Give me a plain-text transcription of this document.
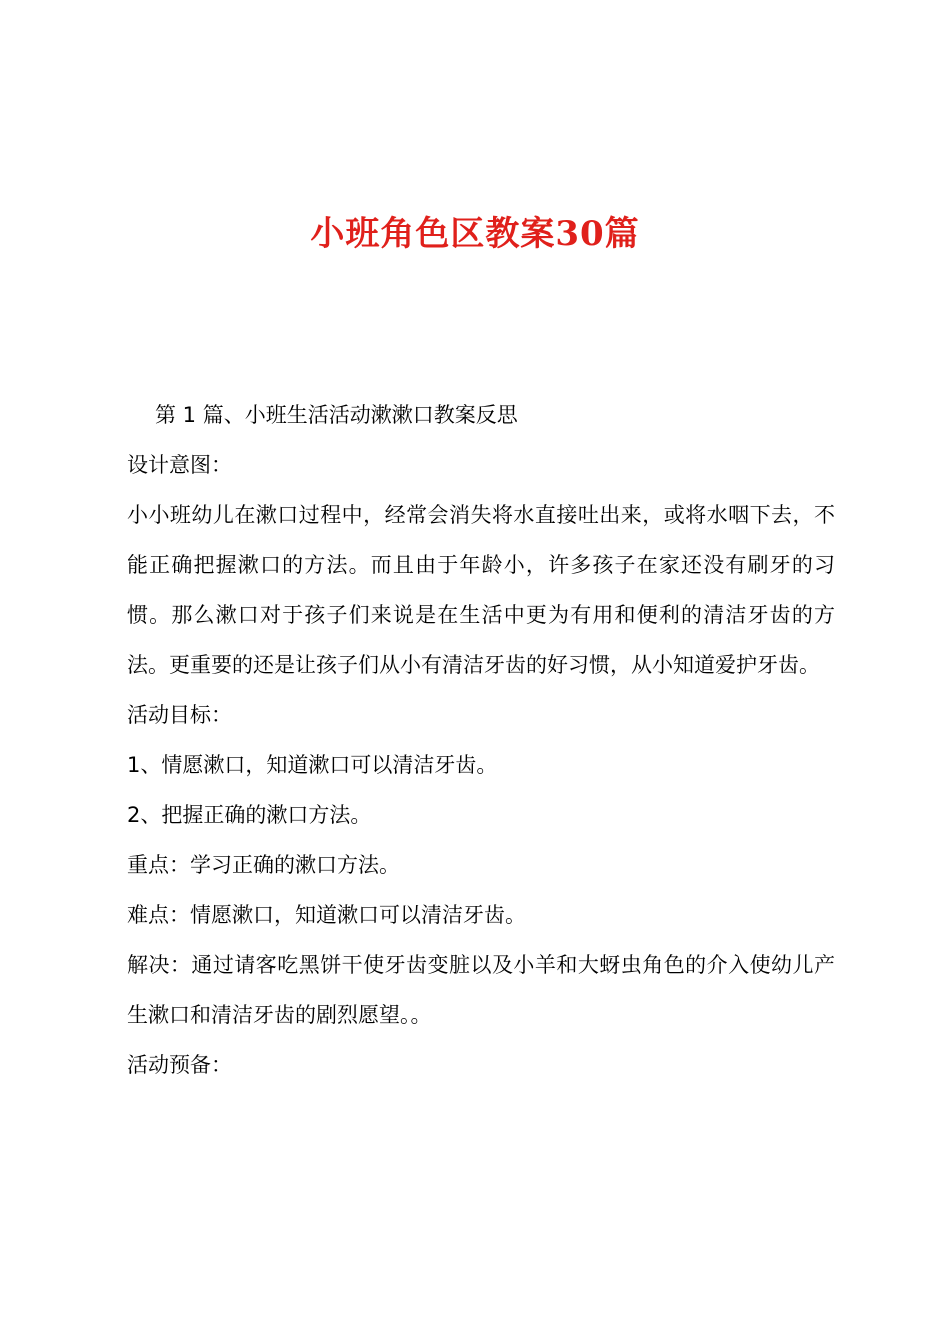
小班角色区教案30篇

第 1 篇、小班生活活动漱漱口教案反思

设计意图：

小小班幼儿在漱口过程中，经常会消失将水直接吐出来，或将水咽下去，不能正确把握漱口的方法。而且由于年龄小，许多孩子在家还没有刷牙的习惯。那么漱口对于孩子们来说是在生活中更为有用和便利的清洁牙齿的方法。更重要的还是让孩子们从小有清洁牙齿的好习惯，从小知道爱护牙齿。

活动目标：

1、情愿漱口，知道漱口可以清洁牙齿。

2、把握正确的漱口方法。

重点：学习正确的漱口方法。

难点：情愿漱口，知道漱口可以清洁牙齿。

解决：通过请客吃黑饼干使牙齿变脏以及小羊和大蚜虫角色的介入使幼儿产生漱口和清洁牙齿的剧烈愿望。。

活动预备：
